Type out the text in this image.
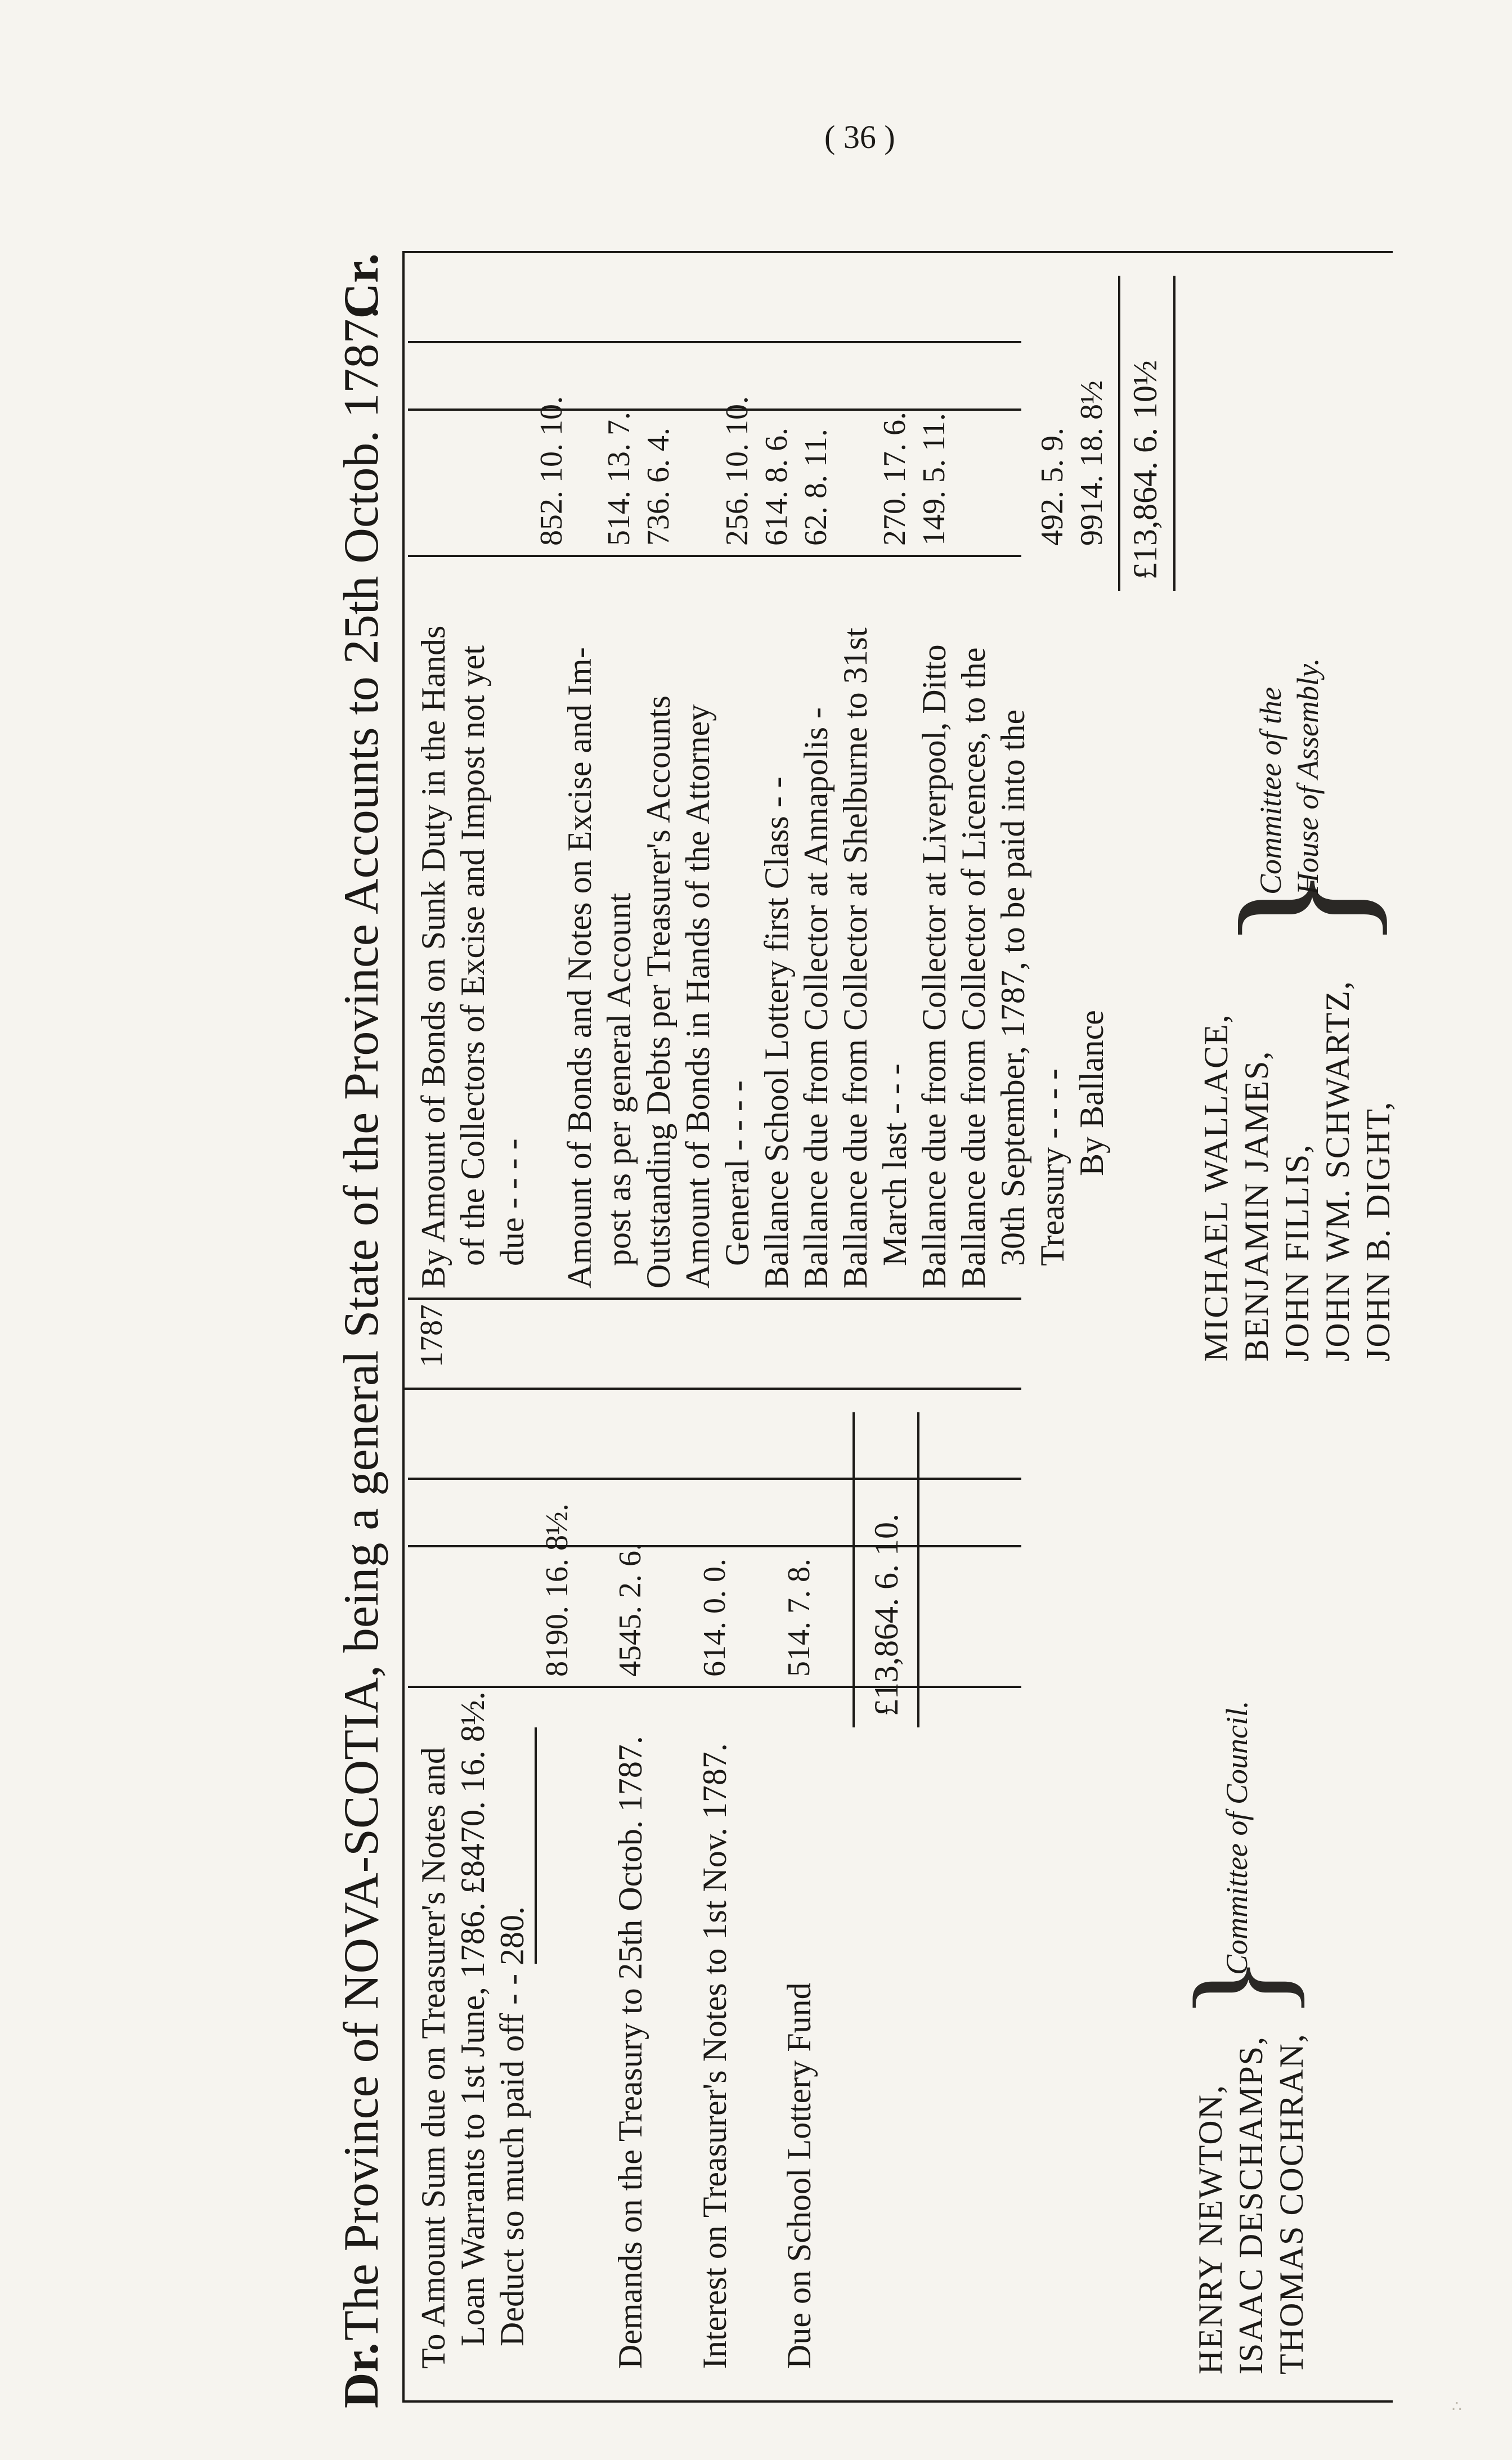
( 36 )
Dr.
The Province of NOVA-SCOTIA, being a general State of the Province Accounts to 25th Octob. 1787.
Cr.
To Amount Sum due on Treasurer's Notes and Loan Warrants to 1st June, 1786. £8470. 16. 8½. Deduct so much paid off - - 280.
8190. 16. 8½.
Demands on the Treasury to 25th Octob. 1787.
4545. 2. 6.
Interest on Treasurer's Notes to 1st Nov. 1787.
614. 0. 0.
Due on School Lottery Fund
514. 7. 8. £13,864. 6. 10.
HENRY NEWTON, ISAAC DESCHAMPS, THOMAS COCHRAN,
}
Committee of Council.
1787
By Amount of Bonds on Sunk Duty in the Hands of the Collectors of Excise and Impost not yet due - - - -
852. 10. 10.
Amount of Bonds and Notes on Excise and Im- post as per general Account
514. 13. 7.
Outstanding Debts per Treasurer's Accounts
736. 6. 4.
Amount of Bonds in Hands of the Attorney General - - - -
256. 10. 10.
Ballance School Lottery first Class - -
614. 8. 6.
Ballance due from Collector at Annapolis -
62. 8. 11.
Ballance due from Collector at Shelburne to 31st March last - - -
270. 17. 6.
Ballance due from Collector at Liverpool, Ditto
149. 5. 11.
Ballance due from Collector of Licences, to the 30th September, 1787, to be paid into the Treasury - - - -
492. 5. 9.
By Ballance
9914. 18. 8½ £13,864. 6. 10½
MICHAEL WALLACE, BENJAMIN JAMES, JOHN FILLIS, JOHN WM. SCHWARTZ, JOHN B. DIGHT,
}
Committee of the House of Assembly.
∴
